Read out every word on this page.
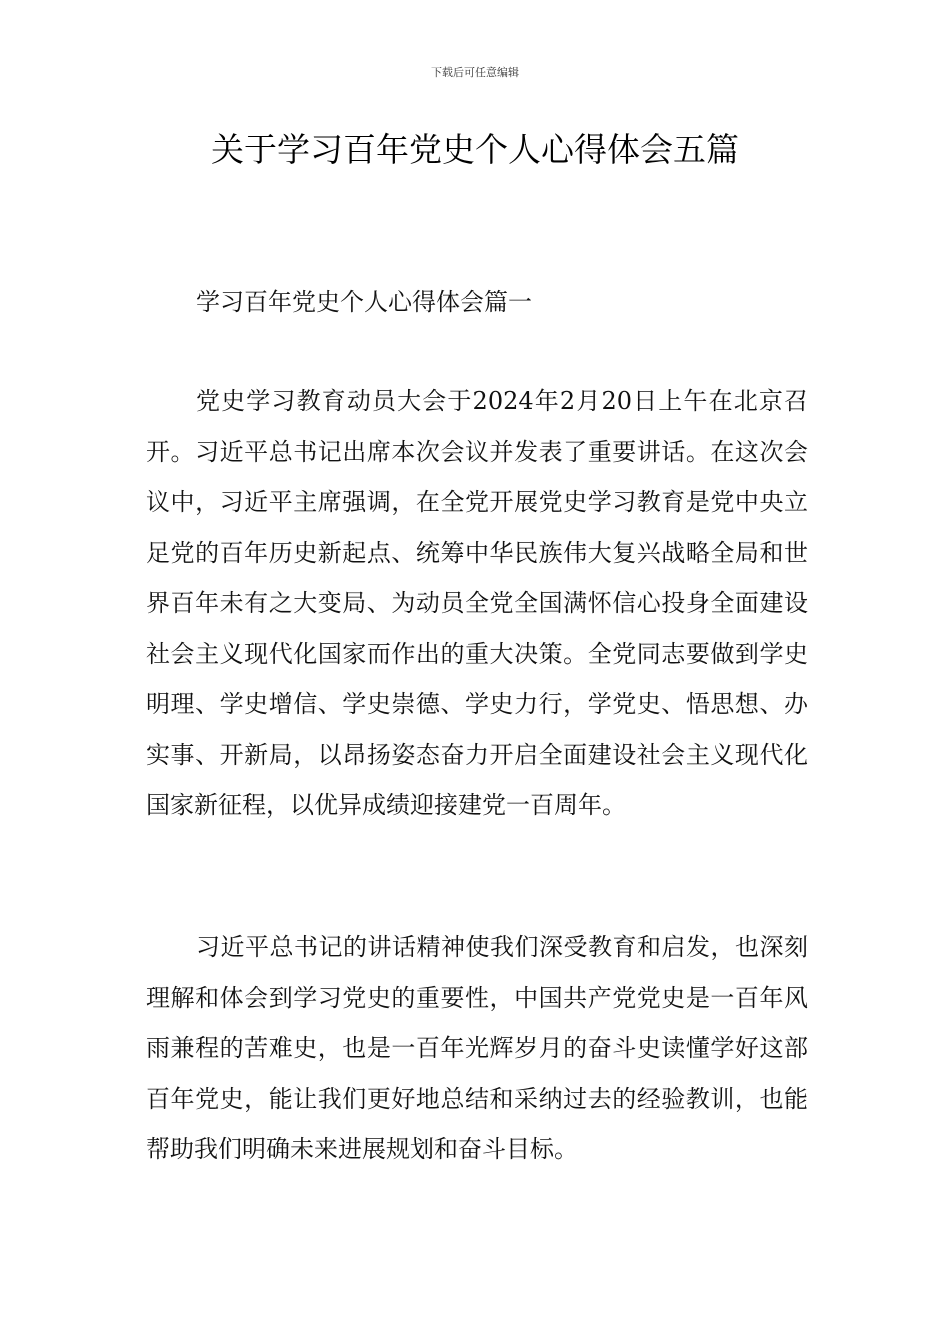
下载后可任意编辑
关于学习百年党史个人心得体会五篇
学习百年党史个人心得体会篇一

党史学习教育动员大会于2024年2月20日上午在北京召开。习近平总书记出席本次会议并发表了重要讲话。在这次会议中，习近平主席强调，在全党开展党史学习教育是党中央立足党的百年历史新起点、统筹中华民族伟大复兴战略全局和世界百年未有之大变局、为动员全党全国满怀信心投身全面建设社会主义现代化国家而作出的重大决策。全党同志要做到学史明理、学史增信、学史崇德、学史力行，学党史、悟思想、办实事、开新局，以昂扬姿态奋力开启全面建设社会主义现代化国家新征程，以优异成绩迎接建党一百周年。

习近平总书记的讲话精神使我们深受教育和启发，也深刻理解和体会到学习党史的重要性，中国共产党党史是一百年风雨兼程的苦难史，也是一百年光辉岁月的奋斗史读懂学好这部百年党史，能让我们更好地总结和采纳过去的经验教训，也能帮助我们明确未来进展规划和奋斗目标。
